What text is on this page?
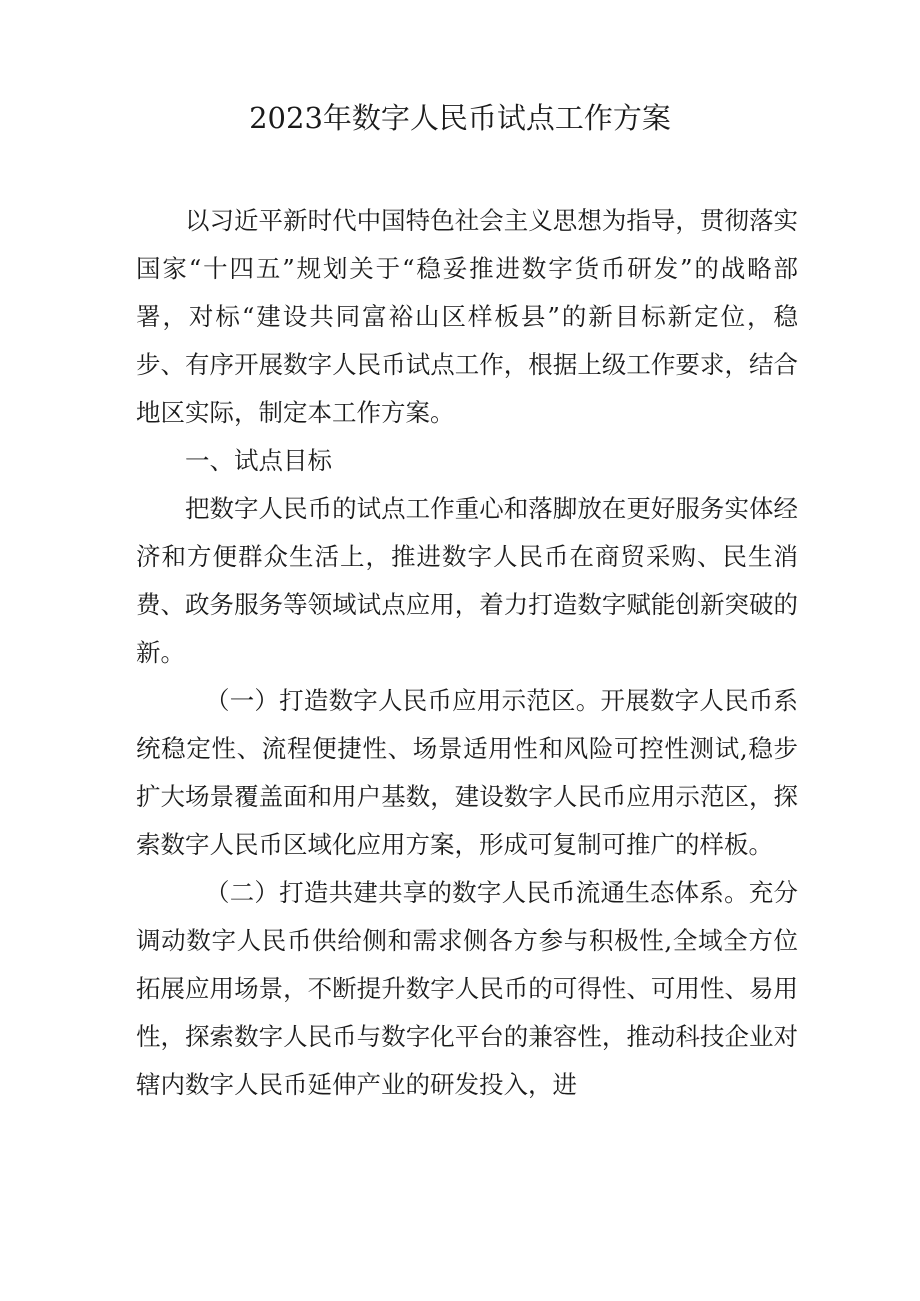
2023年数字人民币试点工作方案

以习近平新时代中国特色社会主义思想为指导，贯彻落实国家“十四五”规划关于“稳妥推进数字货币研发”的战略部署，对标“建设共同富裕山区样板县”的新目标新定位，稳步、有序开展数字人民币试点工作，根据上级工作要求，结合地区实际，制定本工作方案。

一、试点目标

把数字人民币的试点工作重心和落脚放在更好服务实体经济和方便群众生活上，推进数字人民币在商贸采购、民生消费、政务服务等领域试点应用，着力打造数字赋能创新突破的新。

（一）打造数字人民币应用示范区。开展数字人民币系统稳定性、流程便捷性、场景适用性和风险可控性测试,稳步扩大场景覆盖面和用户基数，建设数字人民币应用示范区，探索数字人民币区域化应用方案，形成可复制可推广的样板。

（二）打造共建共享的数字人民币流通生态体系。充分调动数字人民币供给侧和需求侧各方参与积极性,全域全方位拓展应用场景，不断提升数字人民币的可得性、可用性、易用性，探索数字人民币与数字化平台的兼容性，推动科技企业对辖内数字人民币延伸产业的研发投入，进
